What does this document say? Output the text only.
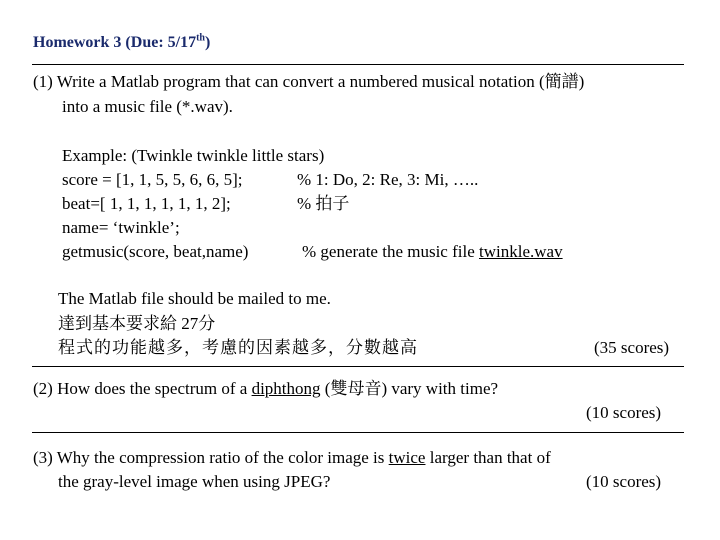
Homework 3 (Due: 5/17th)
(1) Write a Matlab program that can convert a numbered musical notation (簡譜)
into a music file (*.wav).
Example: (Twinkle twinkle little stars)
score = [1, 1, 5, 5, 6, 6, 5];	% 1: Do, 2: Re, 3: Mi, …..
beat=[ 1, 1, 1, 1, 1, 1, 2];	% 拍子
name= ‘twinkle’;
getmusic(score, beat,name)	% generate the music file twinkle.wav
The Matlab file should be mailed to me.
達到基本要求給 27分
程式的功能越多，考慮的因素越多，分數越高	(35 scores)
(2) How does the spectrum of a diphthong (雙母音) vary with time?
(10 scores)
(3) Why the compression ratio of the color image is twice larger than that of
the gray-level image when using JPEG?	(10 scores)
